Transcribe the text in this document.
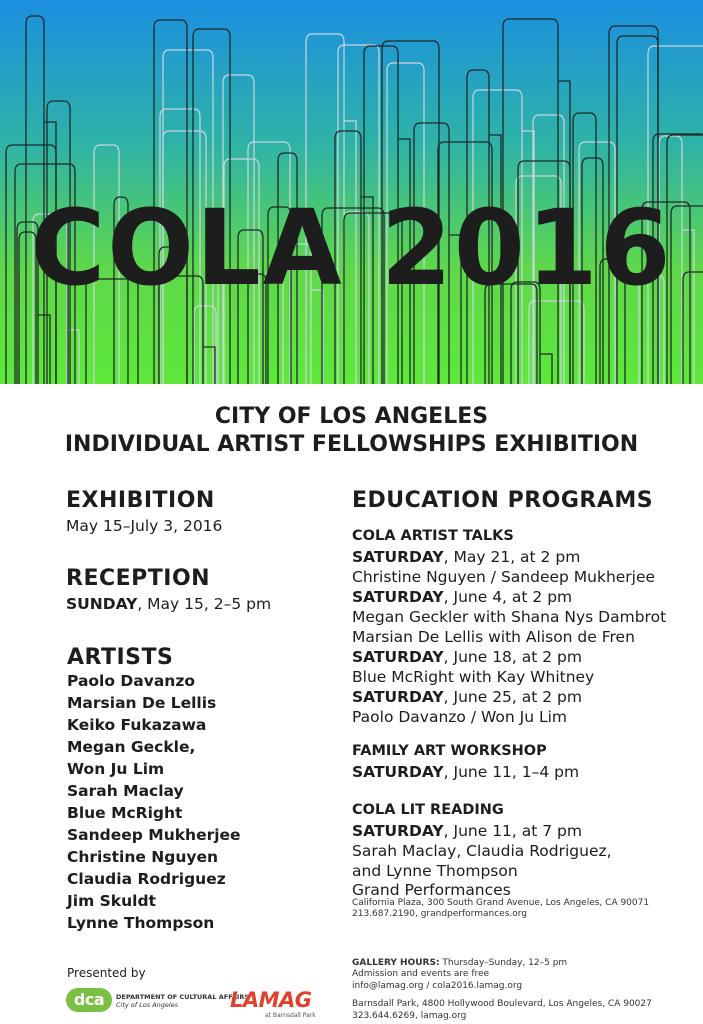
COLA 2016
CITY OF LOS ANGELES
INDIVIDUAL ARTIST FELLOWSHIPS EXHIBITION
EXHIBITION
May 15–July 3, 2016
RECEPTION
SUNDAY, May 15, 2–5 pm
ARTISTS
Paolo Davanzo
Marsian De Lellis
Keiko Fukazawa
Megan Geckle,
Won Ju Lim
Sarah Maclay
Blue McRight
Sandeep Mukherjee
Christine Nguyen
Claudia Rodriguez
Jim Skuldt
Lynne Thompson
EDUCATION PROGRAMS
COLA ARTIST TALKS
SATURDAY, May 21, at 2 pm
Christine Nguyen / Sandeep Mukherjee
SATURDAY, June 4, at 2 pm
Megan Geckler with Shana Nys Dambrot
Marsian De Lellis with Alison de Fren
SATURDAY, June 18, at 2 pm
Blue McRight with Kay Whitney
SATURDAY, June 25, at 2 pm
Paolo Davanzo / Won Ju Lim
FAMILY ART WORKSHOP
SATURDAY, June 11, 1–4 pm
COLA LIT READING
SATURDAY, June 11, at 7 pm
Sarah Maclay, Claudia Rodriguez,
and Lynne Thompson
Grand Performances
California Plaza, 300 South Grand Avenue, Los Angeles, CA 90071
213.687.2190, grandperformances.org
Presented by
dca	DEPARTMENT OF CULTURAL AFFAIRS
City of Los Angeles	LAMAG
at Barnsdall Park
GALLERY HOURS: Thursday–Sunday, 12–5 pm
Admission and events are free
info@lamag.org / cola2016.lamag.org
Barnsdall Park, 4800 Hollywood Boulevard, Los Angeles, CA 90027
323.644.6269, lamag.org
